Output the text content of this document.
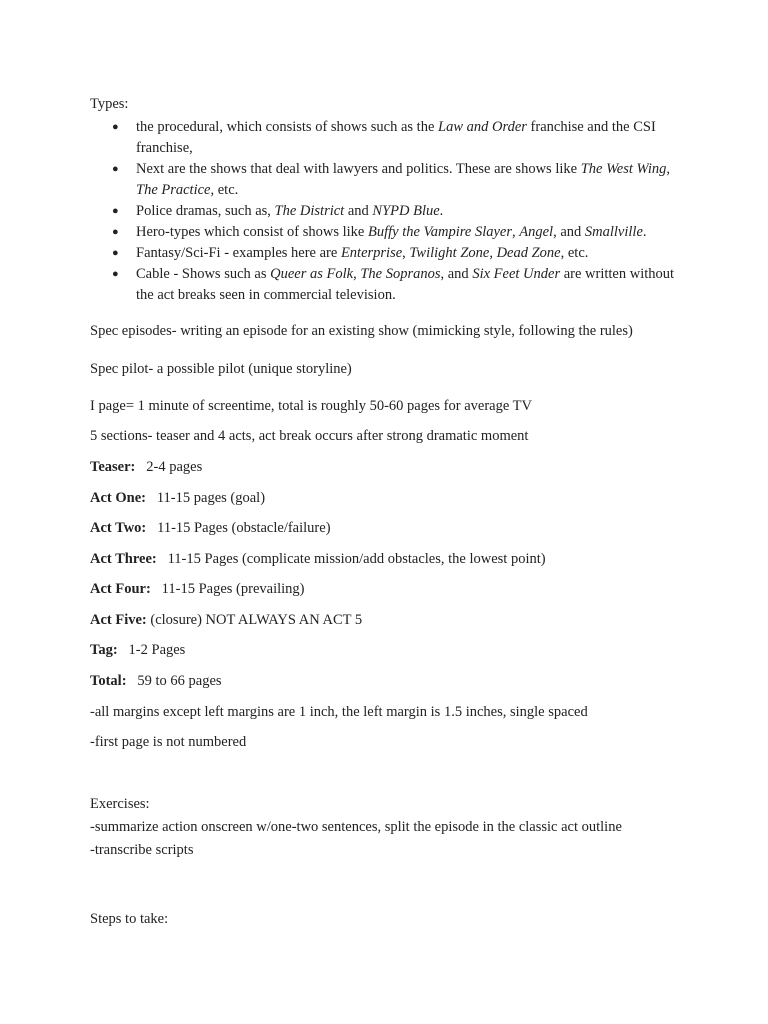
Types:
● the procedural, which consists of shows such as the Law and Order franchise and the CSI franchise,
● Next are the shows that deal with lawyers and politics. These are shows like The West Wing, The Practice, etc.
● Police dramas, such as, The District and NYPD Blue.
● Hero-types which consist of shows like Buffy the Vampire Slayer, Angel, and Smallville.
● Fantasy/Sci-Fi - examples here are Enterprise, Twilight Zone, Dead Zone, etc.
● Cable - Shows such as Queer as Folk, The Sopranos, and Six Feet Under are written without the act breaks seen in commercial television.
Spec episodes- writing an episode for an existing show (mimicking style, following the rules)
Spec pilot- a possible pilot (unique storyline)
I page= 1 minute of screentime, total is roughly 50-60 pages for average TV
5 sections- teaser and 4 acts, act break occurs after strong dramatic moment
Teaser:   2-4 pages
Act One:   11-15 pages (goal)
Act Two:   11-15 Pages (obstacle/failure)
Act Three:   11-15 Pages (complicate mission/add obstacles, the lowest point)
Act Four:   11-15 Pages (prevailing)
Act Five: (closure) NOT ALWAYS AN ACT 5
Tag:   1-2 Pages
Total:   59 to 66 pages
-all margins except left margins are 1 inch, the left margin is 1.5 inches, single spaced
-first page is not numbered
Exercises:
-summarize action onscreen w/one-two sentences, split the episode in the classic act outline
-transcribe scripts
Steps to take:
